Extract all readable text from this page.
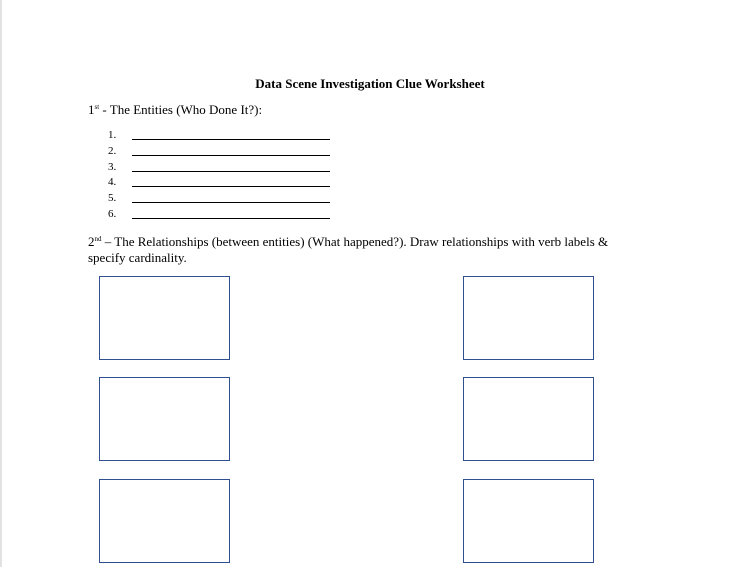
Data Scene Investigation Clue Worksheet
1st - The Entities (Who Done It?):
1.
2.
3.
4.
5.
6.
2nd – The Relationships (between entities) (What happened?). Draw relationships with verb labels & specify cardinality.
